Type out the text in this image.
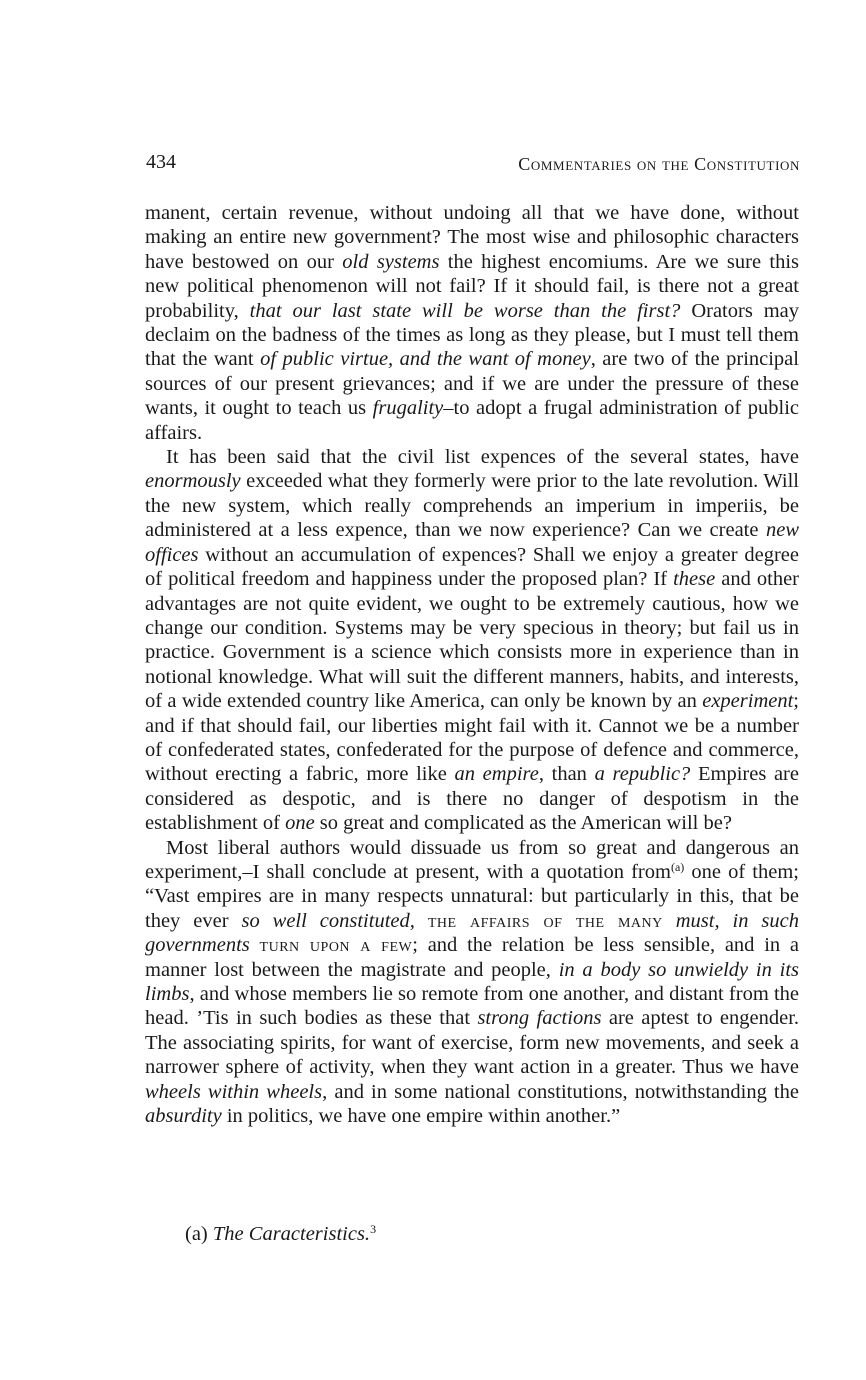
434	Commentaries on the Constitution

manent, certain revenue, without undoing all that we have done, without making an entire new government? The most wise and philosophic characters have bestowed on our old systems the highest encomiums. Are we sure this new political phenomenon will not fail? If it should fail, is there not a great probability, that our last state will be worse than the first? Orators may declaim on the badness of the times as long as they please, but I must tell them that the want of public virtue, and the want of money, are two of the principal sources of our present grievances; and if we are under the pressure of these wants, it ought to teach us frugality–to adopt a frugal administration of public affairs.

It has been said that the civil list expences of the several states, have enormously exceeded what they formerly were prior to the late revolution. Will the new system, which really comprehends an imperium in imperiis, be administered at a less expence, than we now experience? Can we create new offices without an accumulation of expences? Shall we enjoy a greater degree of political freedom and happiness under the proposed plan? If these and other advantages are not quite evident, we ought to be extremely cautious, how we change our condition. Systems may be very specious in theory; but fail us in practice. Government is a science which consists more in experience than in notional knowledge. What will suit the different manners, habits, and interests, of a wide extended country like America, can only be known by an experiment; and if that should fail, our liberties might fail with it. Cannot we be a number of confederated states, confederated for the purpose of defence and commerce, without erecting a fabric, more like an empire, than a republic? Empires are considered as despotic, and is there no danger of despotism in the establishment of one so great and complicated as the American will be?

Most liberal authors would dissuade us from so great and dangerous an experiment,–I shall conclude at present, with a quotation from$^{(a)}$ one of them; “Vast empires are in many respects unnatural: but particularly in this, that be they ever so well constituted, the affairs of the many must, in such governments turn upon a few; and the relation be less sensible, and in a manner lost between the magistrate and people, in a body so unwieldy in its limbs, and whose members lie so remote from one another, and distant from the head. ’Tis in such bodies as these that strong factions are aptest to engender. The associating spirits, for want of exercise, form new movements, and seek a narrower sphere of activity, when they want action in a greater. Thus we have wheels within wheels, and in some national constitutions, notwithstanding the absurdity in politics, we have one empire within another.”

(a) The Caracteristics.$^3$
